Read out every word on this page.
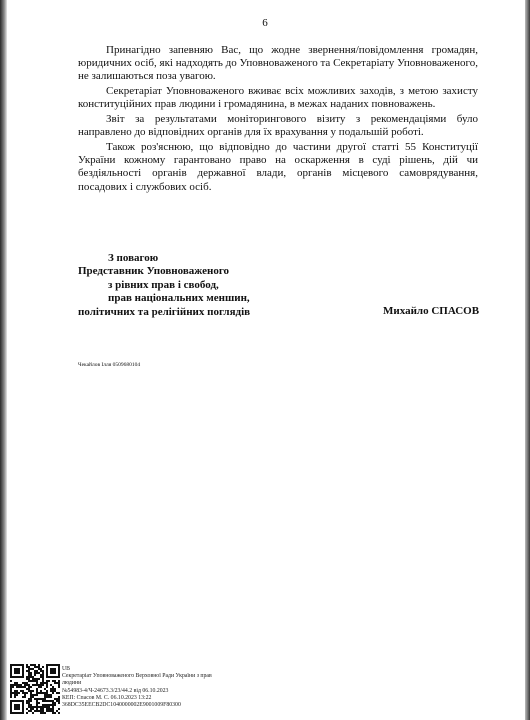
6

Принагідно запевняю Вас, що жодне звернення/повідомлення громадян, юридичних осіб, які надходять до Уповноваженого та Секретаріату Уповноваженого, не залишаються поза увагою.

Секретаріат Уповноваженого вживає всіх можливих заходів, з метою захисту конституційних прав людини і громадянина, в межах наданих повноважень.

Звіт за результатами моніторингового візиту з рекомендаціями було направлено до відповідних органів для їх врахування у подальшій роботі.

Також роз'яснюю, що відповідно до частини другої статті 55 Конституції України кожному гарантовано право на оскарження в суді рішень, дій чи бездіяльності органів державної влади, органів місцевого самоврядування, посадових і службових осіб.

З повагою
Представник Уповноваженого
з рівних прав і свобод,
прав національних меншин,
політичних та релігійних поглядів	Михайло СПАСОВ
Чекайлов Ілля 0509680104
UB
Секретаріат Уповноваженого Верховної Ради України з прав
людини
№54983-4/Ч-24673.3/23/44.2 від 06.10.2023
КЕП: Спасов М. С. 06.10.2023 13:22
368DC35EECB2DC1040000002E9001009F80300
